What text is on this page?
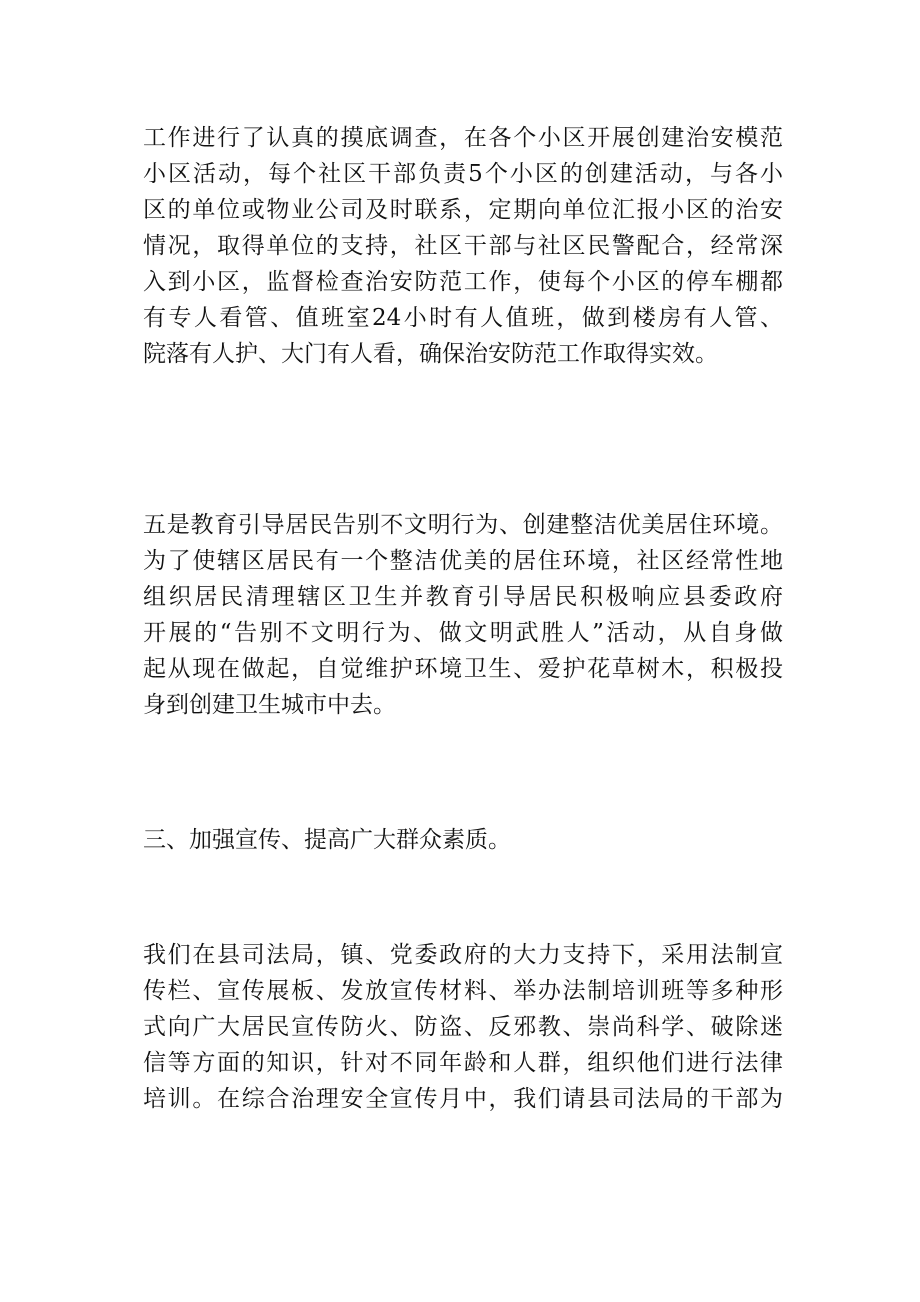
工作进行了认真的摸底调查，在各个小区开展创建治安模范
小区活动，每个社区干部负责5个小区的创建活动，与各小
区的单位或物业公司及时联系，定期向单位汇报小区的治安
情况，取得单位的支持，社区干部与社区民警配合，经常深
入到小区，监督检查治安防范工作，使每个小区的停车棚都
有专人看管、值班室24小时有人值班，做到楼房有人管、
院落有人护、大门有人看，确保治安防范工作取得实效。
五是教育引导居民告别不文明行为、创建整洁优美居住环境。
为了使辖区居民有一个整洁优美的居住环境，社区经常性地
组织居民清理辖区卫生并教育引导居民积极响应县委政府
开展的“告别不文明行为、做文明武胜人”活动，从自身做
起从现在做起，自觉维护环境卫生、爱护花草树木，积极投
身到创建卫生城市中去。
三、加强宣传、提高广大群众素质。
我们在县司法局，镇、党委政府的大力支持下，采用法制宣
传栏、宣传展板、发放宣传材料、举办法制培训班等多种形
式向广大居民宣传防火、防盗、反邪教、崇尚科学、破除迷
信等方面的知识，针对不同年龄和人群，组织他们进行法律
培训。在综合治理安全宣传月中，我们请县司法局的干部为
